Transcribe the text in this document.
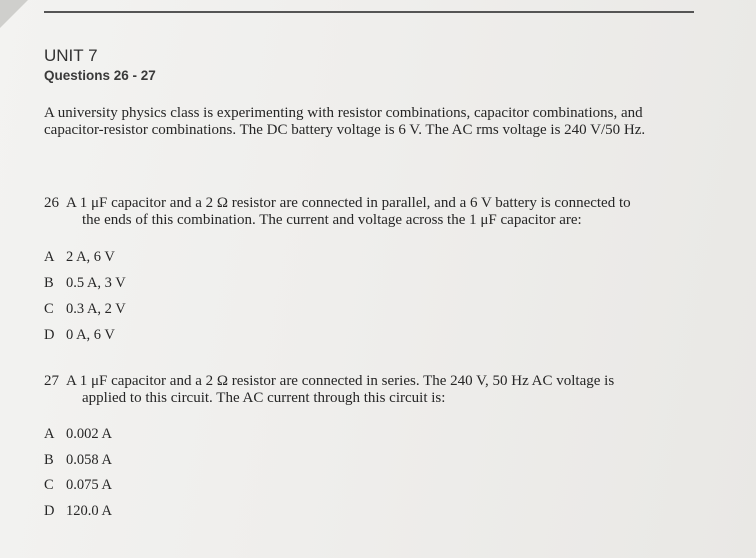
UNIT 7
Questions 26 - 27

A university physics class is experimenting with resistor combinations, capacitor combinations, and capacitor-resistor combinations. The DC battery voltage is 6 V. The AC rms voltage is 240 V/50 Hz.

26 A 1 μF capacitor and a 2 Ω resistor are connected in parallel, and a 6 V battery is connected to
the ends of this combination. The current and voltage across the 1 μF capacitor are:

A 2 A, 6 V
B 0.5 A, 3 V
C 0.3 A, 2 V
D 0 A, 6 V

27 A 1 μF capacitor and a 2 Ω resistor are connected in series. The 240 V, 50 Hz AC voltage is
applied to this circuit. The AC current through this circuit is:

A 0.002 A
B 0.058 A
C 0.075 A
D 120.0 A
